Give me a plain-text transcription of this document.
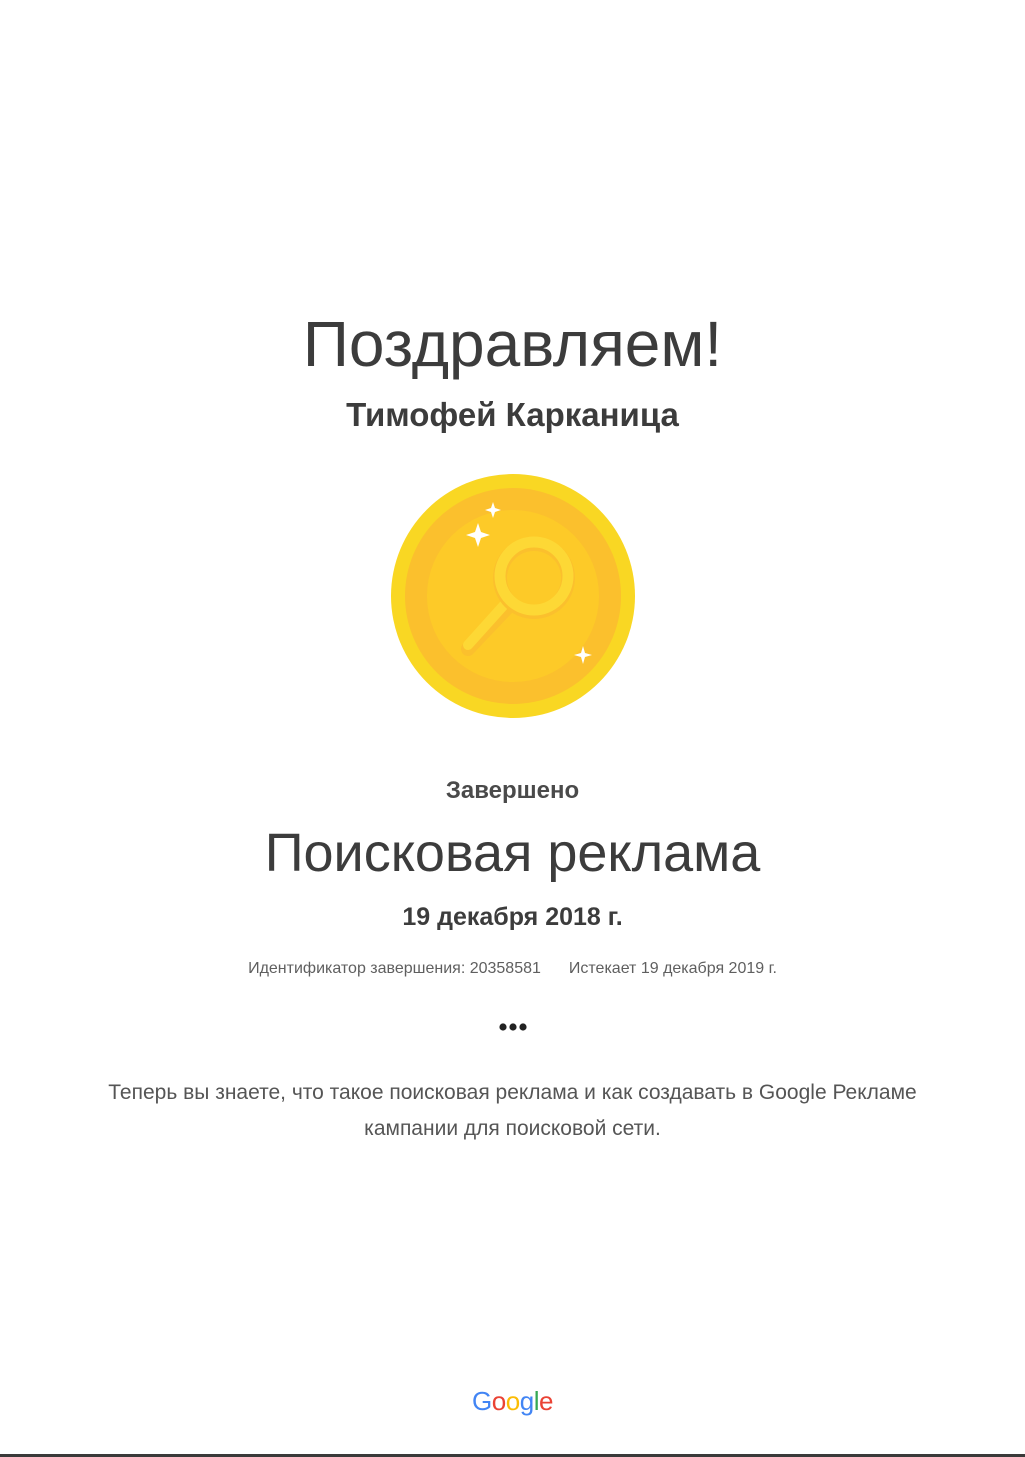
Поздравляем!
Тимофей Карканица
Завершено
Поисковая реклама
19 декабря 2018 г.
Идентификатор завершения: 20358581 Истекает 19 декабря 2019 г.
Теперь вы знаете, что такое поисковая реклама и как создавать в Google Рекламе
кампании для поисковой сети.
Google
